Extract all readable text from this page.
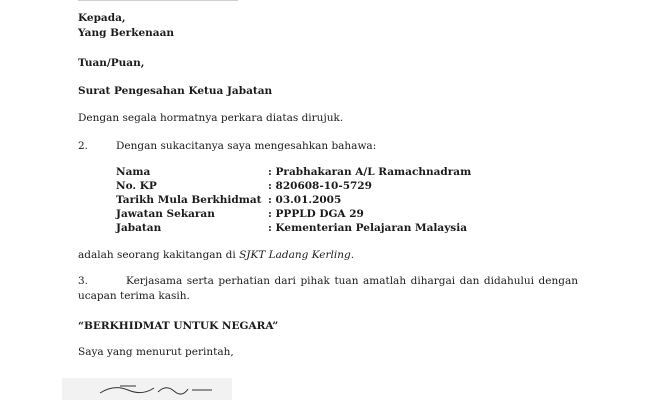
Kepada,
Yang Berkenaan
Tuan/Puan,
Surat Pengesahan Ketua Jabatan
Dengan segala hormatnya perkara diatas dirujuk.
2.	Dengan sukacitanya saya mengesahkan bahawa:
Nama	: Prabhakaran A/L Ramachnadram
No. KP	: 820608-10-5729
Tarikh Mula Berkhidmat : 03.01.2005
Jawatan Sekaran	: PPPLD DGA 29
Jabatan	: Kementerian Pelajaran Malaysia
adalah seorang kakitangan di SJKT Ladang Kerling.
3.	Kerjasama serta perhatian dari pihak tuan amatlah dihargai dan didahului dengan ucapan terima kasih.
“BERKHIDMAT UNTUK NEGARA”
Saya yang menurut perintah,
